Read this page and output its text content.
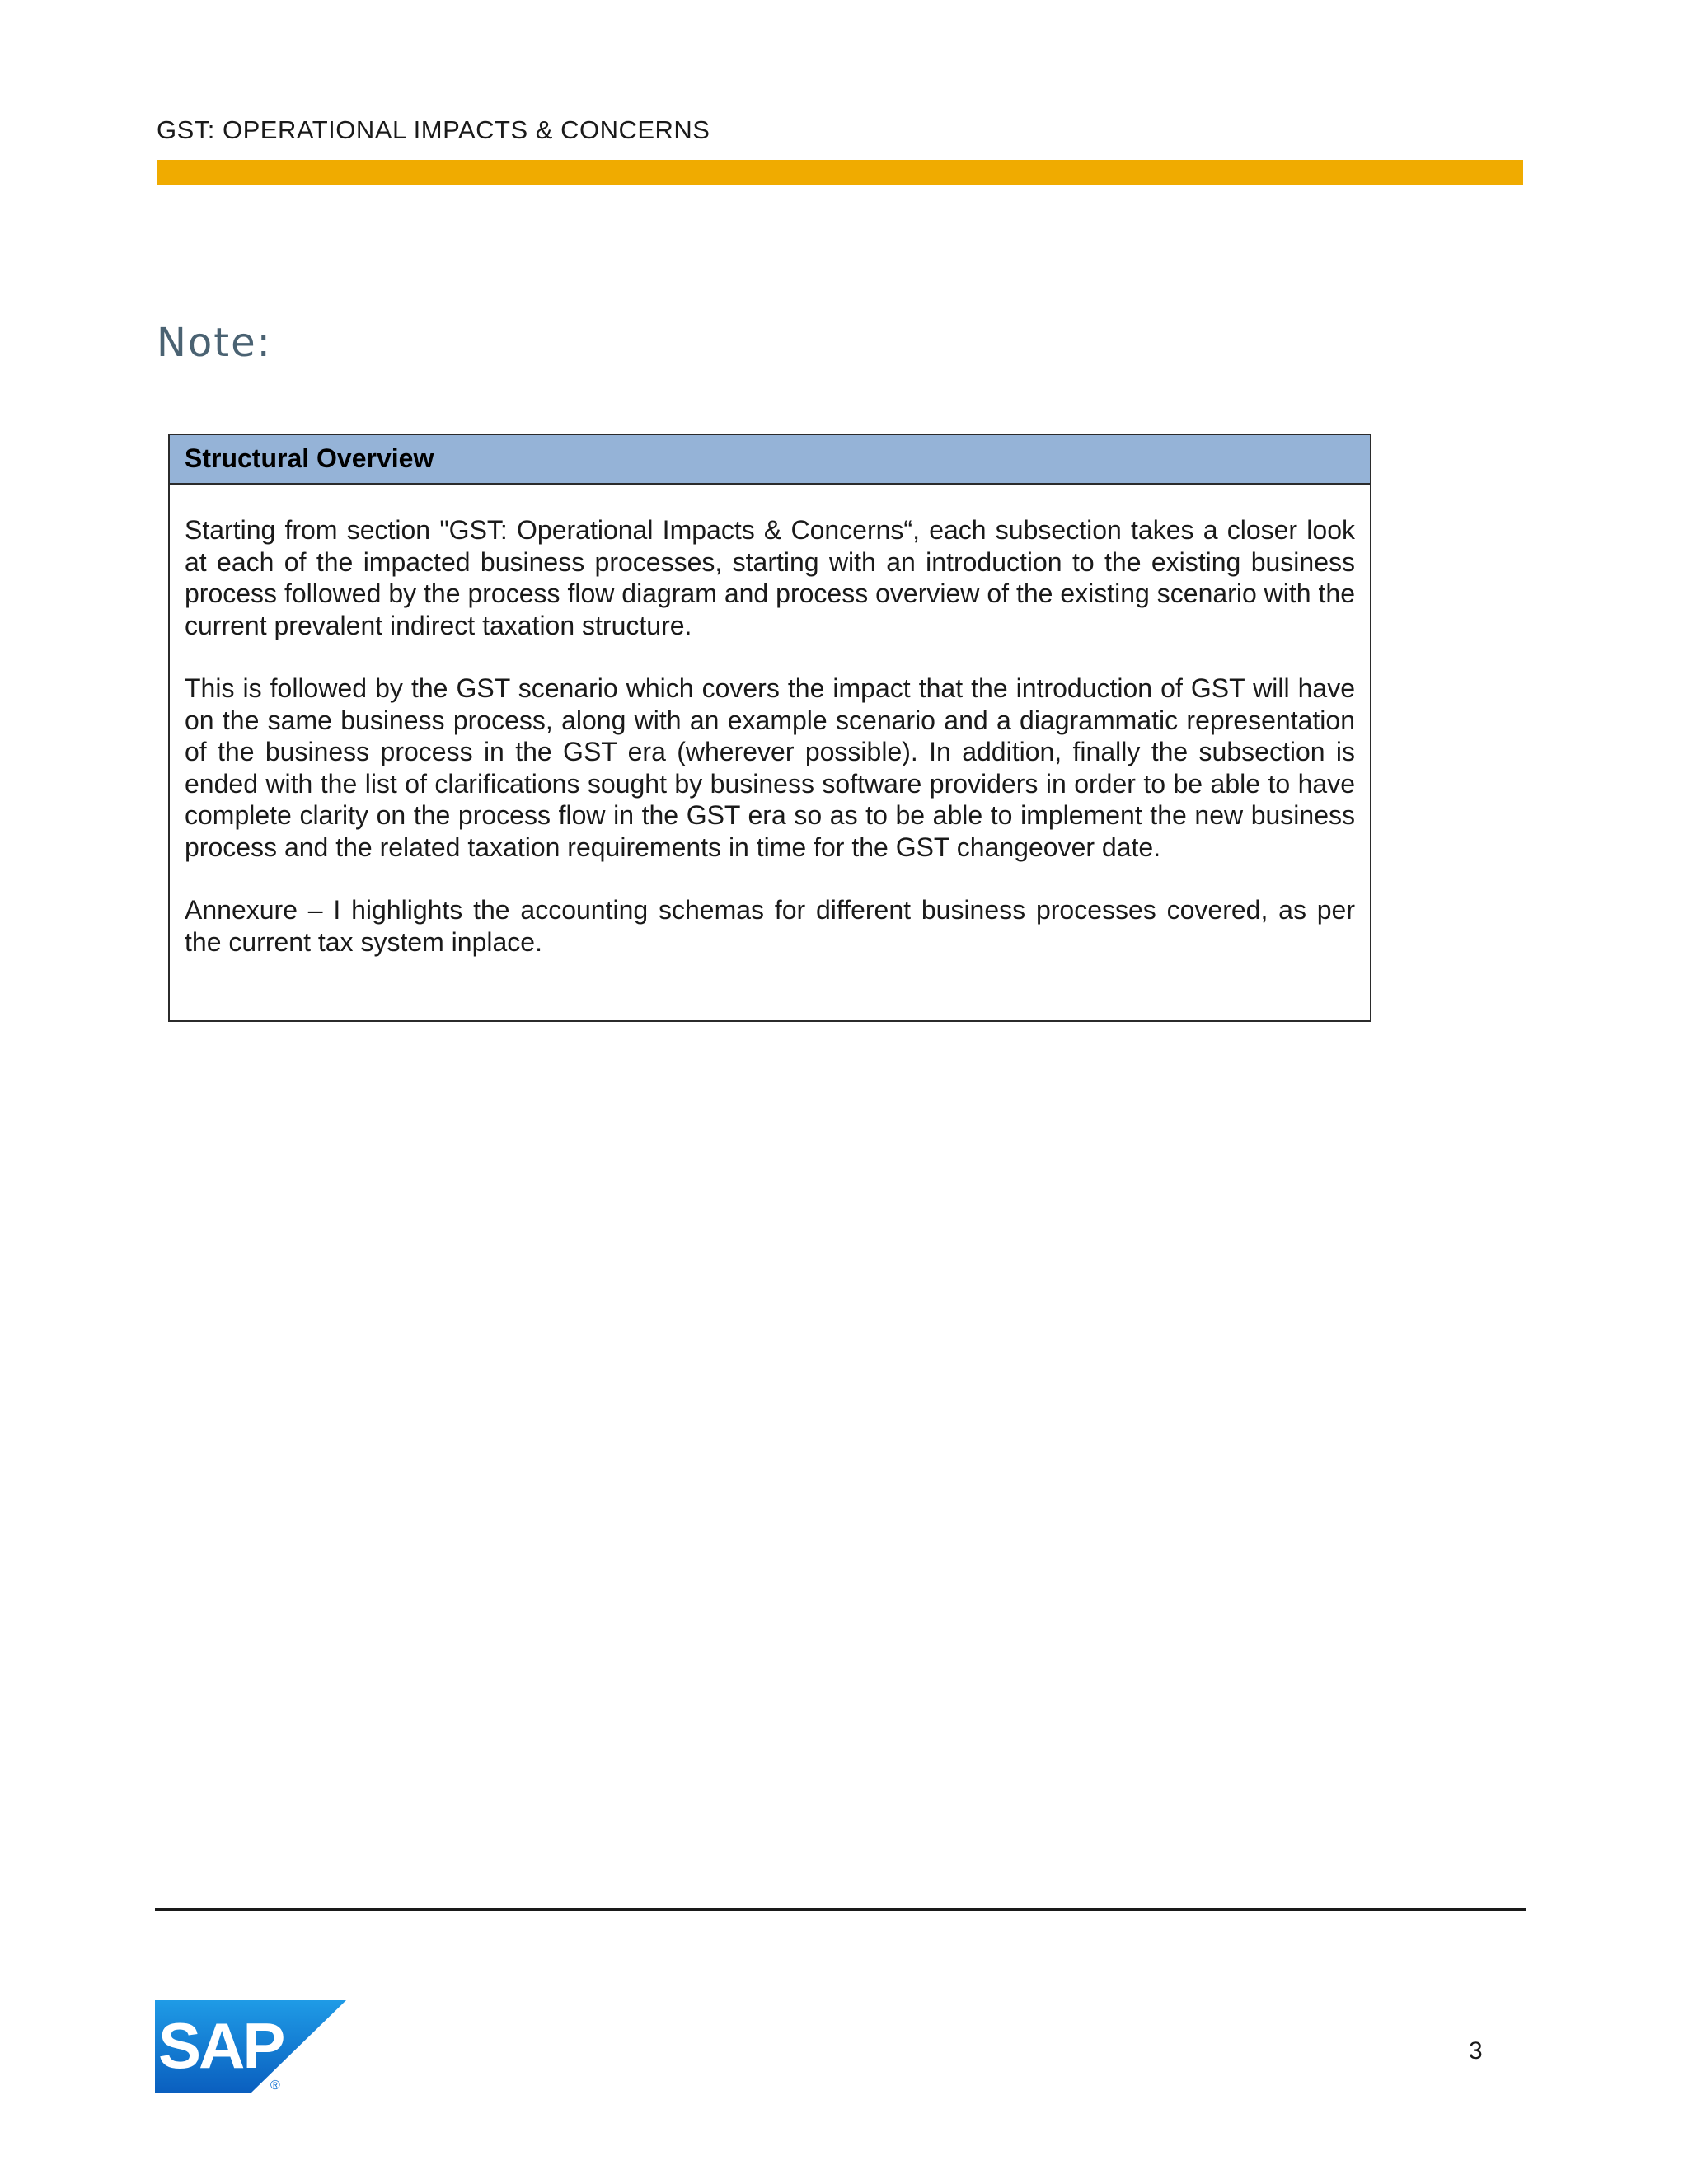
GST: OPERATIONAL IMPACTS & CONCERNS
Note:
Structural Overview

Starting from section "GST: Operational Impacts & Concerns“, each subsection takes a closer look at each of the impacted business processes, starting with an introduction to the existing business process followed by the process flow diagram and process overview of the existing scenario with the current prevalent indirect taxation structure.

This is followed by the GST scenario which covers the impact that the introduction of GST will have on the same business process, along with an example scenario and a diagrammatic representation of the business process in the GST era (wherever possible). In addition, finally the subsection is ended with the list of clarifications sought by business software providers in order to be able to have complete clarity on the process flow in the GST era so as to be able to implement the new business process and the related taxation requirements in time for the GST changeover date.

Annexure – I highlights the accounting schemas for different business processes covered, as per the current tax system inplace.

SAP
®
3
